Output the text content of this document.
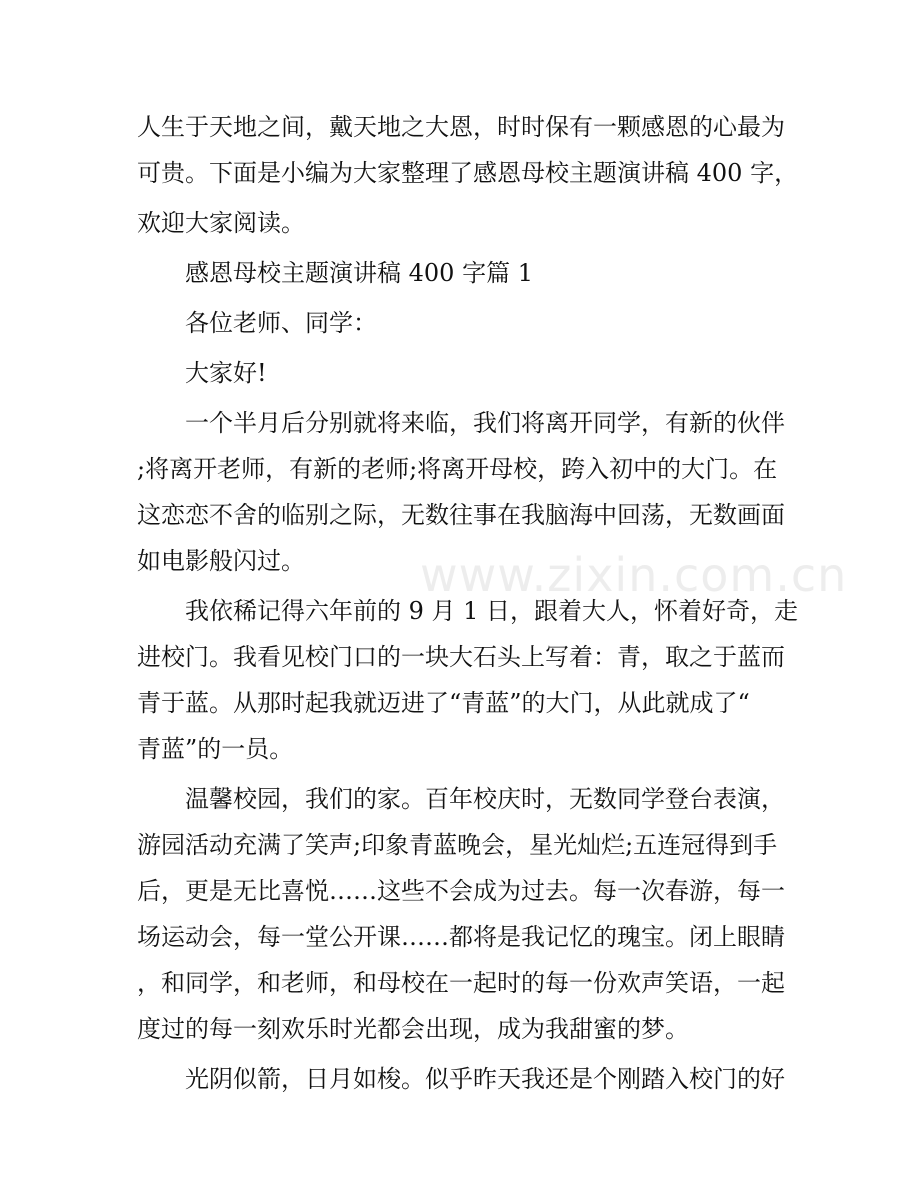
人生于天地之间，戴天地之大恩，时时保有一颗感恩的心最为

可贵。下面是小编为大家整理了感恩母校主题演讲稿 400 字，

欢迎大家阅读。

感恩母校主题演讲稿 400 字篇 1

各位老师、同学：

大家好!

一个半月后分别就将来临，我们将离开同学，有新的伙伴

;将离开老师，有新的老师;将离开母校，跨入初中的大门。在

这恋恋不舍的临别之际，无数往事在我脑海中回荡，无数画面

如电影般闪过。

我依稀记得六年前的 9 月 1 日，跟着大人，怀着好奇，走

进校门。我看见校门口的一块大石头上写着：青，取之于蓝而

青于蓝。从那时起我就迈进了“青蓝”的大门，从此就成了“

青蓝”的一员。

温馨校园，我们的家。百年校庆时，无数同学登台表演，

游园活动充满了笑声;印象青蓝晚会，星光灿烂;五连冠得到手

后，更是无比喜悦……这些不会成为过去。每一次春游，每一

场运动会，每一堂公开课……都将是我记忆的瑰宝。闭上眼睛

，和同学，和老师，和母校在一起时的每一份欢声笑语，一起

度过的每一刻欢乐时光都会出现，成为我甜蜜的梦。

光阴似箭，日月如梭。似乎昨天我还是个刚踏入校门的好

www.zixin.com.cn
